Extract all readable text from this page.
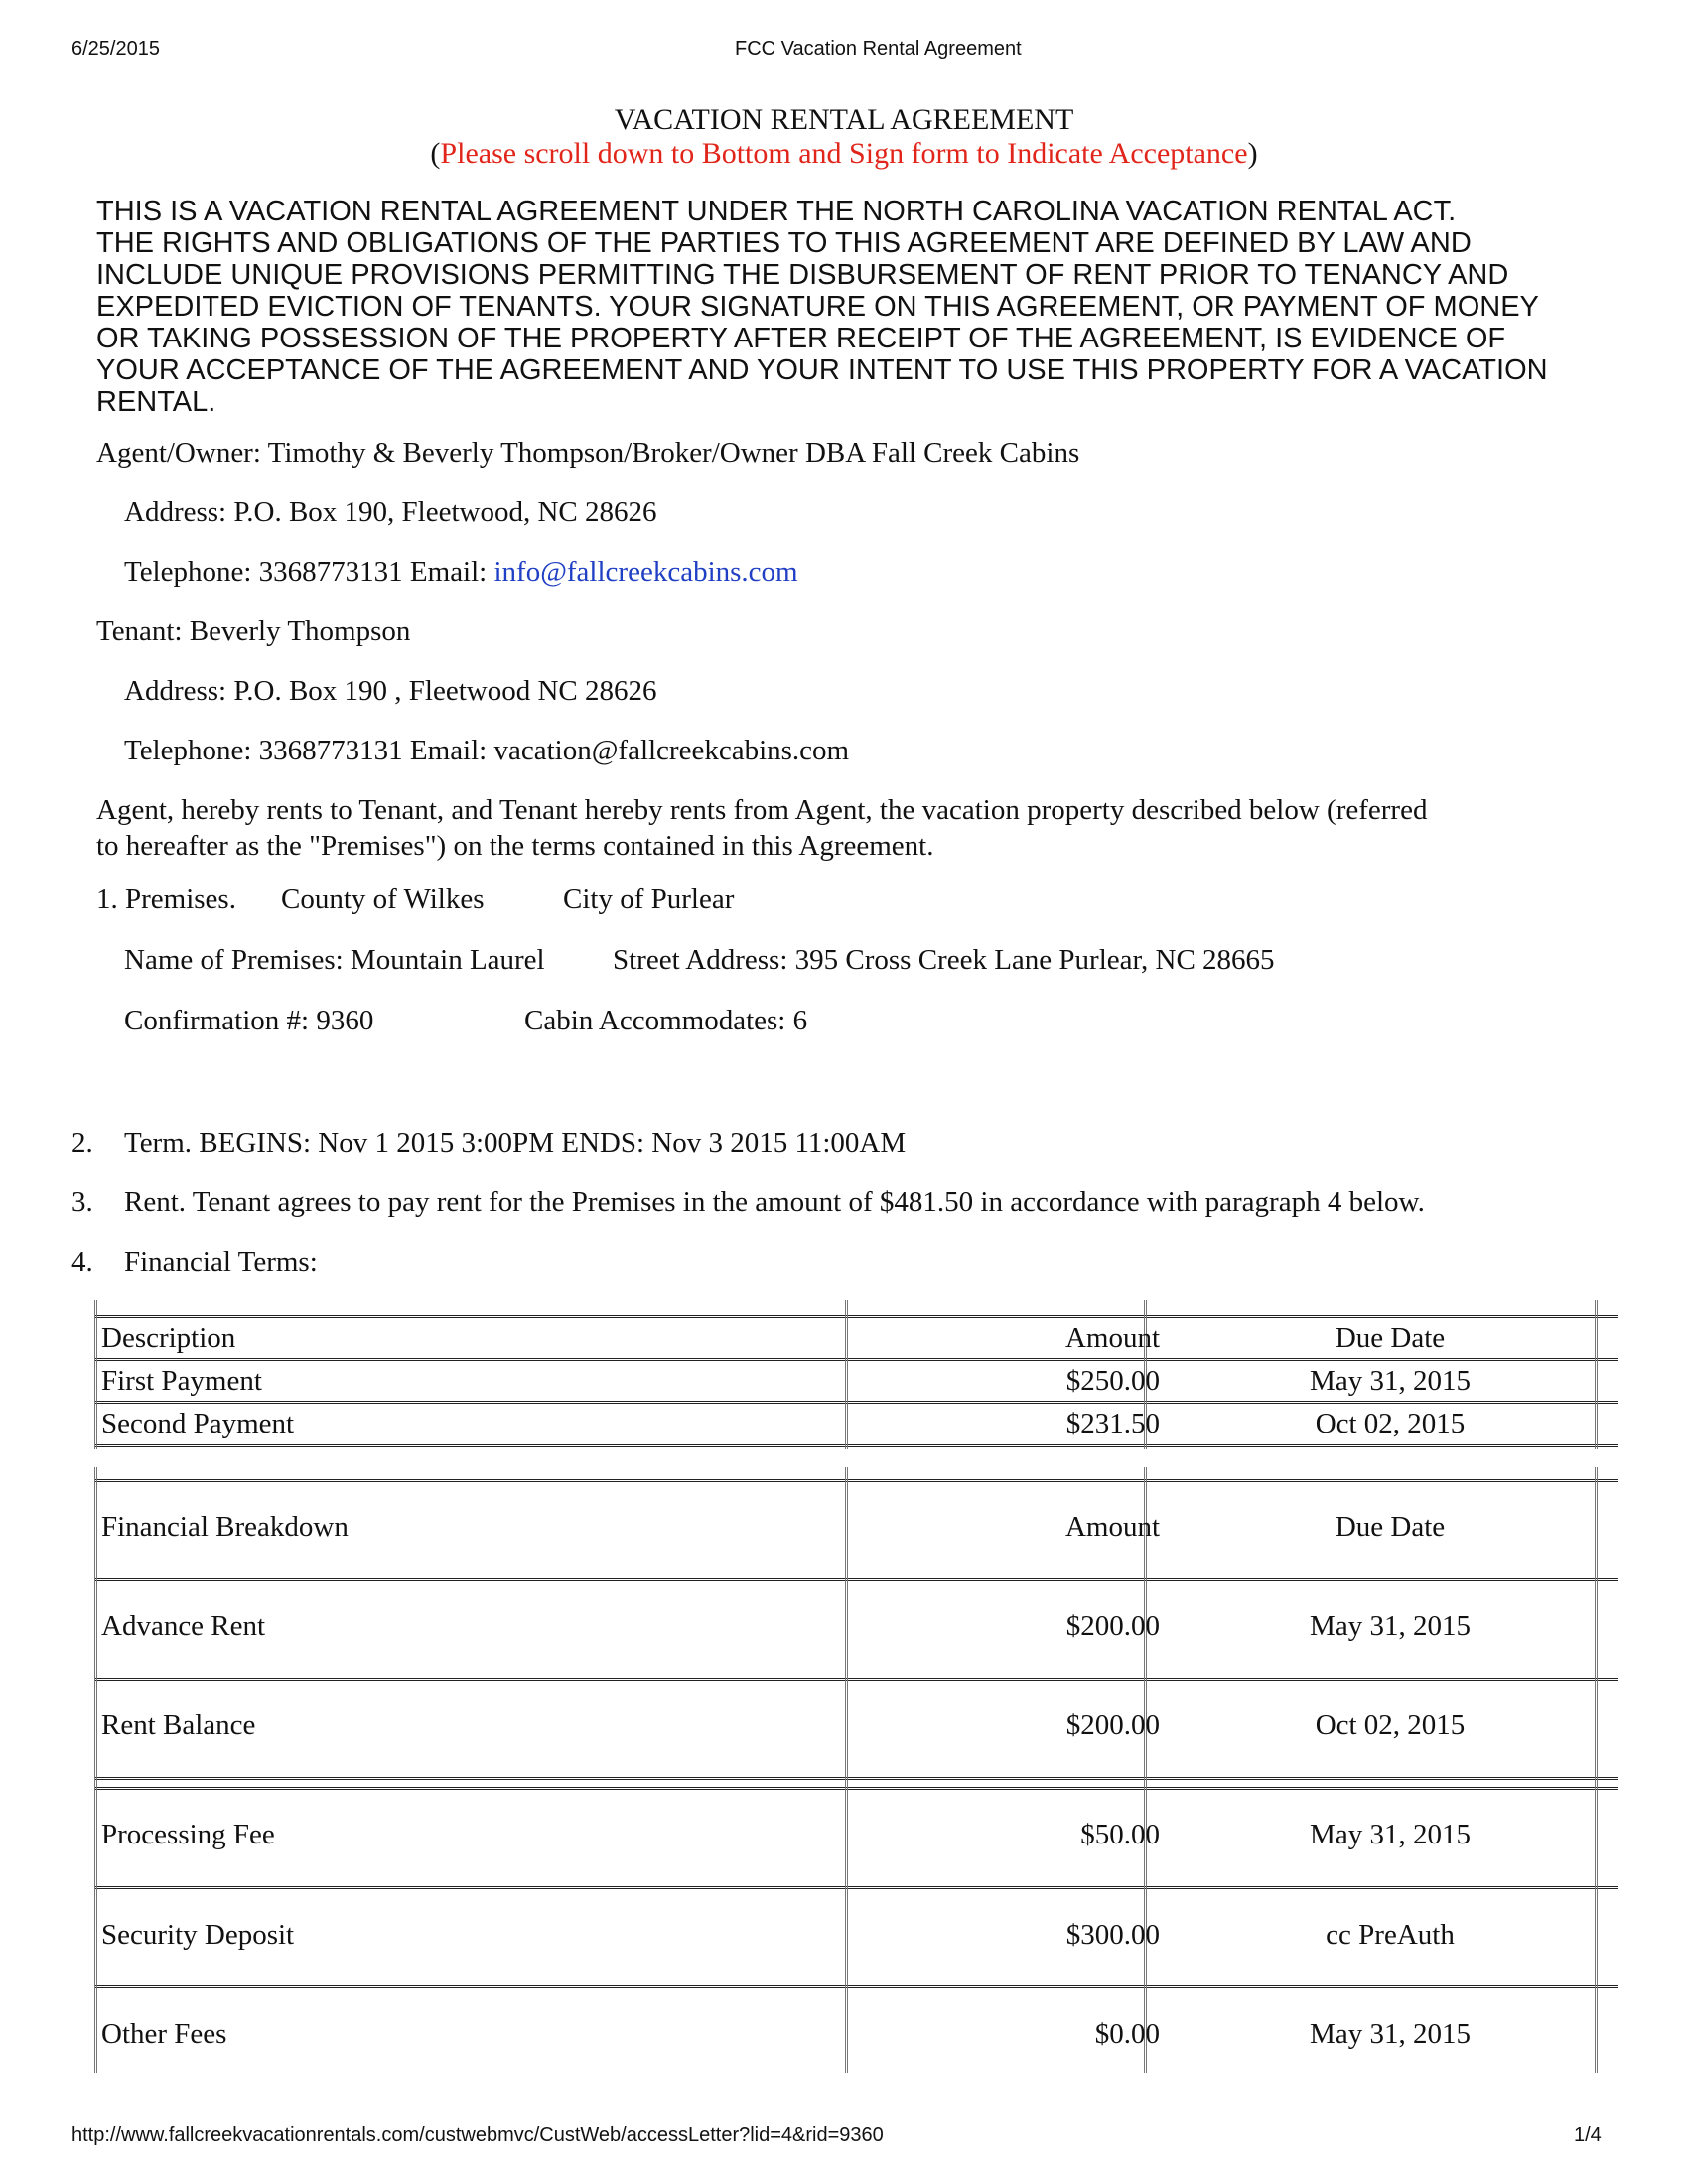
6/25/2015	FCC Vacation Rental Agreement
VACATION RENTAL AGREEMENT
(Please scroll down to Bottom and Sign form to Indicate Acceptance)
THIS IS A VACATION RENTAL AGREEMENT UNDER THE NORTH CAROLINA VACATION RENTAL ACT.
THE RIGHTS AND OBLIGATIONS OF THE PARTIES TO THIS AGREEMENT ARE DEFINED BY LAW AND
INCLUDE UNIQUE PROVISIONS PERMITTING THE DISBURSEMENT OF RENT PRIOR TO TENANCY AND
EXPEDITED EVICTION OF TENANTS. YOUR SIGNATURE ON THIS AGREEMENT, OR PAYMENT OF MONEY
OR TAKING POSSESSION OF THE PROPERTY AFTER RECEIPT OF THE AGREEMENT, IS EVIDENCE OF
YOUR ACCEPTANCE OF THE AGREEMENT AND YOUR INTENT TO USE THIS PROPERTY FOR A VACATION
RENTAL.
Agent/Owner: Timothy & Beverly Thompson/Broker/Owner DBA Fall Creek Cabins
Address: P.O. Box 190, Fleetwood, NC 28626
Telephone: 3368773131 Email: info@fallcreekcabins.com
Tenant: Beverly Thompson
Address: P.O. Box 190 , Fleetwood NC 28626
Telephone: 3368773131 Email: vacation@fallcreekcabins.com
Agent, hereby rents to Tenant, and Tenant hereby rents from Agent, the vacation property described below (referred
to hereafter as the "Premises") on the terms contained in this Agreement.
1. Premises. County of Wilkes	City of Purlear
Name of Premises: Mountain Laurel Street Address: 395 Cross Creek Lane Purlear, NC 28665
Confirmation #: 9360	Cabin Accommodates: 6
2. Term. BEGINS: Nov 1 2015 3:00PM ENDS: Nov 3 2015 11:00AM
3. Rent. Tenant agrees to pay rent for the Premises in the amount of $481.50 in accordance with paragraph 4 below.
4. Financial Terms:
Description	Amount	Due Date
First Payment	$250.00	May 31, 2015
Second Payment	$231.50	Oct 02, 2015
Financial Breakdown	Amount	Due Date
Advance Rent	$200.00	May 31, 2015
Rent Balance	$200.00	Oct 02, 2015
Processing Fee	$50.00	May 31, 2015
Security Deposit	$300.00	cc PreAuth
Other Fees	$0.00	May 31, 2015
http://www.fallcreekvacationrentals.com/custwebmvc/CustWeb/accessLetter?lid=4&rid=9360	1/4
